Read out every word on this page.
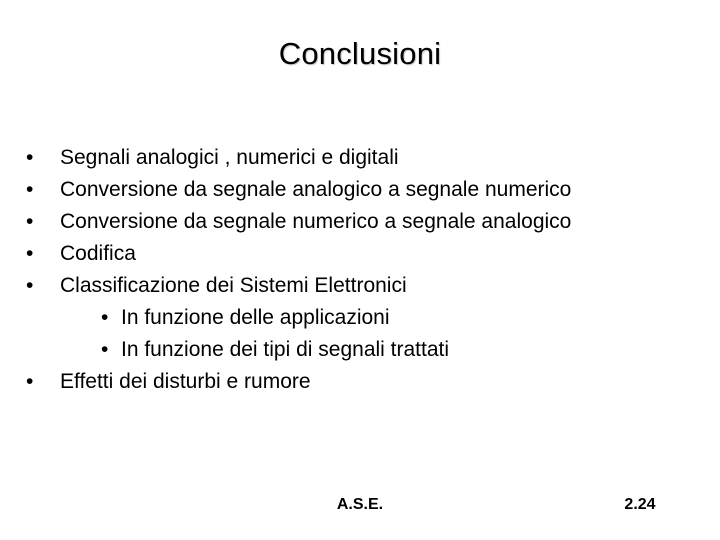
Conclusioni
•	Segnali analogici , numerici e digitali
•	Conversione da segnale analogico a segnale numerico
•	Conversione da segnale numerico a segnale analogico
•	Codifica
•	Classificazione dei Sistemi Elettronici
• In funzione delle applicazioni
• In funzione dei tipi di segnali trattati
•	Effetti dei disturbi e rumore
A.S.E.	2.24
